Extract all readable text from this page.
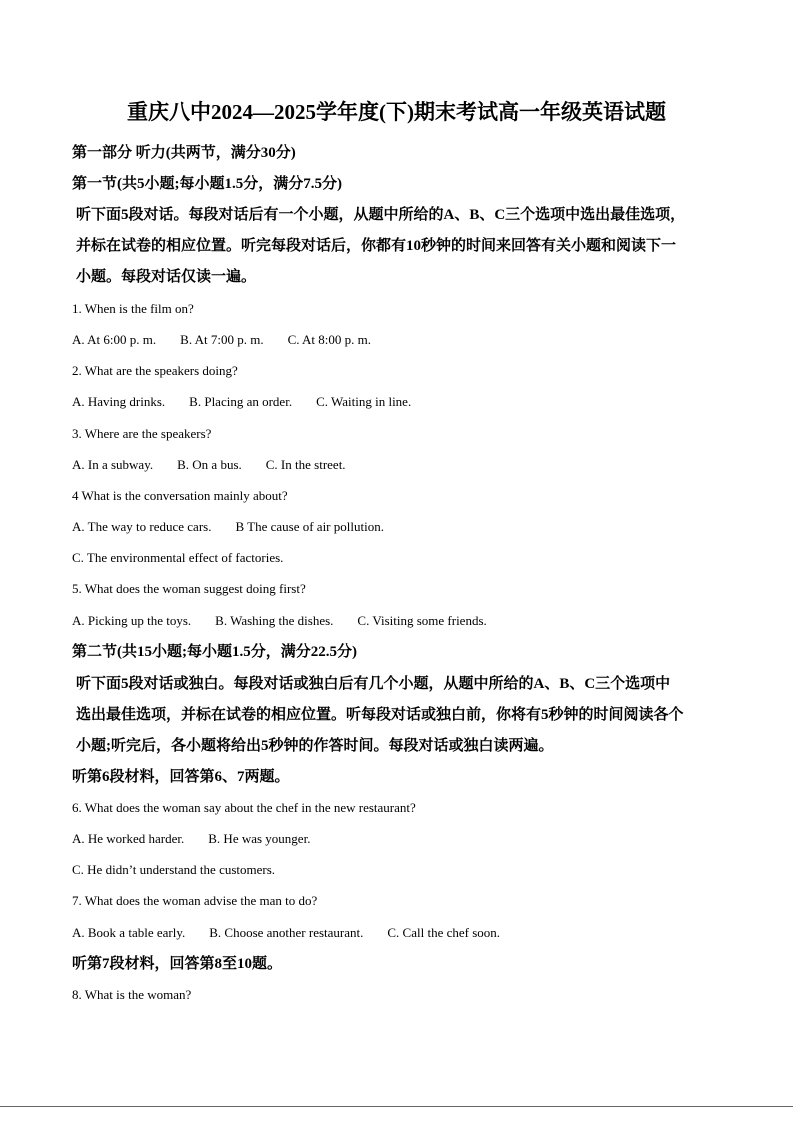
重庆八中2024—2025学年度(下)期末考试高一年级英语试题
第一部分 听力(共两节，满分30分)
第一节(共5小题;每小题1.5分，满分7.5分)
听下面5段对话。每段对话后有一个小题，从题中所给的A、B、C三个选项中选出最佳选项，
并标在试卷的相应位置。听完每段对话后，你都有10秒钟的时间来回答有关小题和阅读下一
小题。每段对话仅读一遍。
1. When is the film on?
A. At 6:00 p. m. B. At 7:00 p. m. C. At 8:00 p. m.
2. What are the speakers doing?
A. Having drinks. B. Placing an order. C. Waiting in line.
3. Where are the speakers?
A. In a subway. B. On a bus. C. In the street.
4 What is the conversation mainly about?
A. The way to reduce cars. B The cause of air pollution.
C. The environmental effect of factories.
5. What does the woman suggest doing first?
A. Picking up the toys. B. Washing the dishes. C. Visiting some friends.
第二节(共15小题;每小题1.5分，满分22.5分)
听下面5段对话或独白。每段对话或独白后有几个小题，从题中所给的A、B、C三个选项中
选出最佳选项，并标在试卷的相应位置。听每段对话或独白前，你将有5秒钟的时间阅读各个
小题;听完后，各小题将给出5秒钟的作答时间。每段对话或独白读两遍。
听第6段材料，回答第6、7两题。
6. What does the woman say about the chef in the new restaurant?
A. He worked harder. B. He was younger.
C. He didn’t understand the customers.
7. What does the woman advise the man to do?
A. Book a table early. B. Choose another restaurant. C. Call the chef soon.
听第7段材料，回答第8至10题。
8. What is the woman?
